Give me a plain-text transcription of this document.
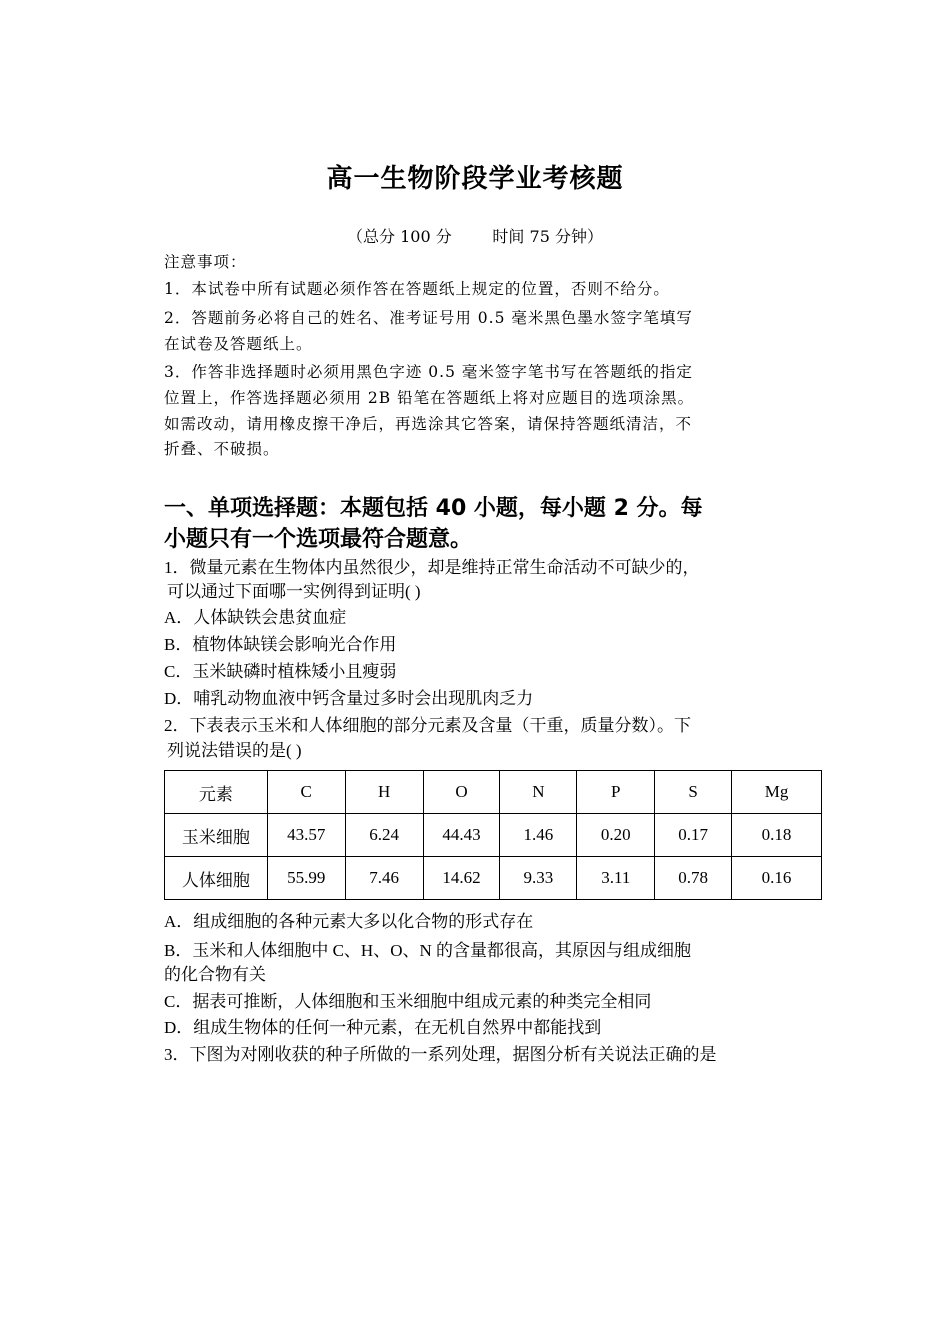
高一生物阶段学业考核题
（总分 100 分        时间 75 分钟）
注意事项：
1．本试卷中所有试题必须作答在答题纸上规定的位置，否则不给分。
2．答题前务必将自己的姓名、准考证号用 0.5 毫米黑色墨水签字笔填写
在试卷及答题纸上。
3．作答非选择题时必须用黑色字迹 0.5 毫米签字笔书写在答题纸的指定
位置上，作答选择题必须用 2B 铅笔在答题纸上将对应题目的选项涂黑。
如需改动，请用橡皮擦干净后，再选涂其它答案，请保持答题纸清洁，不
折叠、不破损。
一、单项选择题：本题包括 40 小题，每小题 2 分。每
小题只有一个选项最符合题意。
1．微量元素在生物体内虽然很少，却是维持正常生命活动不可缺少的，
可以通过下面哪一实例得到证明( )
A．人体缺铁会患贫血症
B．植物体缺镁会影响光合作用
C．玉米缺磷时植株矮小且瘦弱
D．哺乳动物血液中钙含量过多时会出现肌肉乏力
2．下表表示玉米和人体细胞的部分元素及含量（干重，质量分数）。下
列说法错误的是( )
元素	C	H	O	N	P	S	Mg
玉米细胞	43.57	6.24	44.43	1.46	0.20	0.17	0.18
人体细胞	55.99	7.46	14.62	9.33	3.11	0.78	0.16
A．组成细胞的各种元素大多以化合物的形式存在
B．玉米和人体细胞中 C、H、O、N 的含量都很高，其原因与组成细胞
的化合物有关
C．据表可推断，人体细胞和玉米细胞中组成元素的种类完全相同
D．组成生物体的任何一种元素，在无机自然界中都能找到
3．下图为对刚收获的种子所做的一系列处理，据图分析有关说法正确的是
